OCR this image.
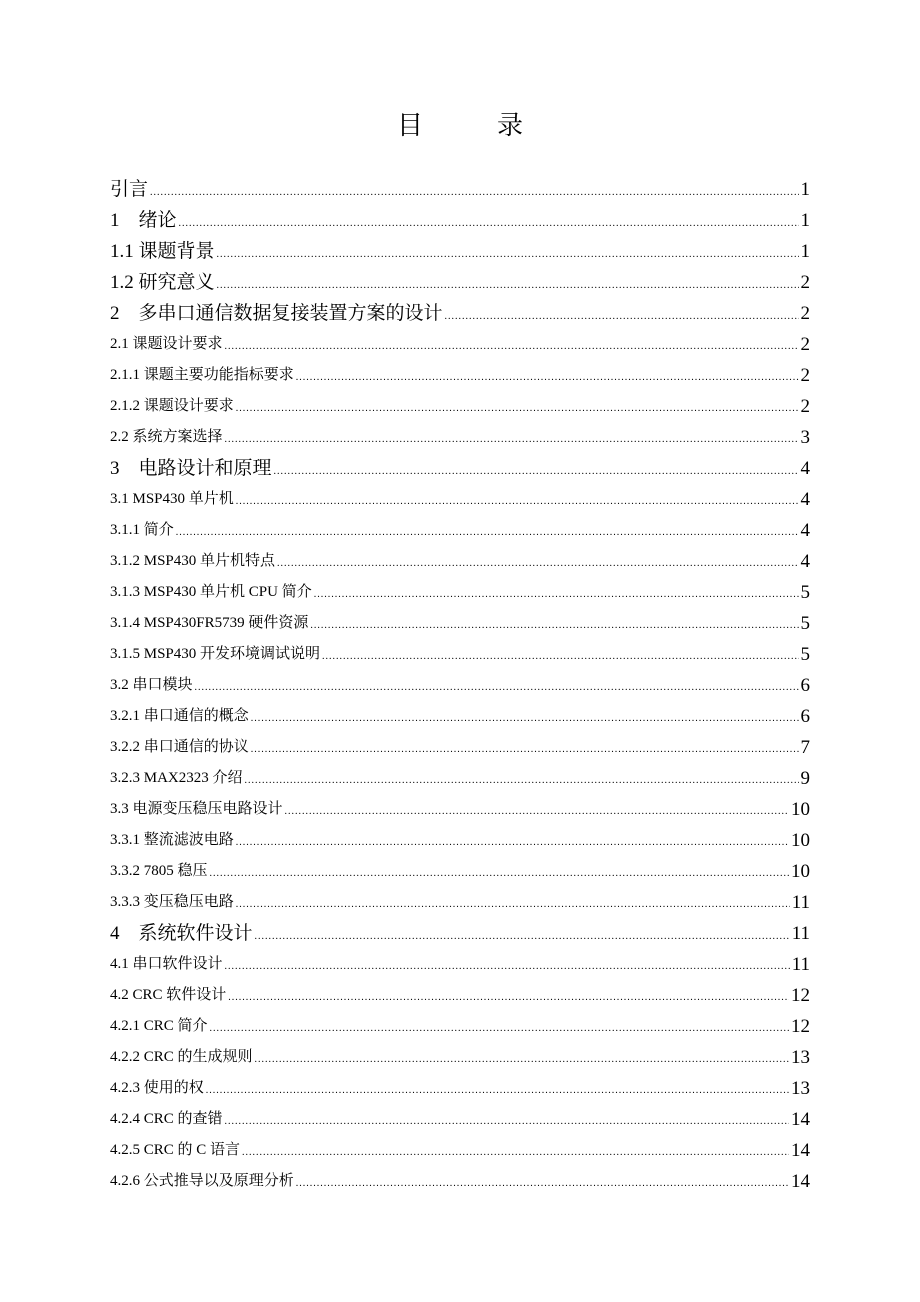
目　录
引言 .....	1
1　绪论 .....	1
1.1 课题背景 .....	1
1.2 研究意义 .....	2
2　多串口通信数据复接装置方案的设计 .....	2
2.1 课题设计要求 .....	2
2.1.1 课题主要功能指标要求 .....	2
2.1.2 课题设计要求 .....	2
2.2 系统方案选择 .....	3
3　电路设计和原理 .....	4
3.1 MSP430 单片机 .....	4
3.1.1 简介 .....	4
3.1.2 MSP430 单片机特点 .....	4
3.1.3 MSP430 单片机 CPU 简介 .....	5
3.1.4 MSP430FR5739 硬件资源 .....	5
3.1.5 MSP430 开发环境调试说明 .....	5
3.2 串口模块 .....	6
3.2.1 串口通信的概念 .....	6
3.2.2 串口通信的协议 .....	7
3.2.3 MAX2323 介绍 .....	9
3.3 电源变压稳压电路设计 .....	10
3.3.1 整流滤波电路 .....	10
3.3.2 7805 稳压 .....	10
3.3.3 变压稳压电路 .....	11
4　系统软件设计 .....	11
4.1 串口软件设计 .....	11
4.2 CRC 软件设计 .....	12
4.2.1 CRC 简介 .....	12
4.2.2 CRC 的生成规则 .....	13
4.2.3 使用的权 .....	13
4.2.4 CRC 的查错 .....	14
4.2.5 CRC 的 C 语言 .....	14
4.2.6 公式推导以及原理分析 .....	14
